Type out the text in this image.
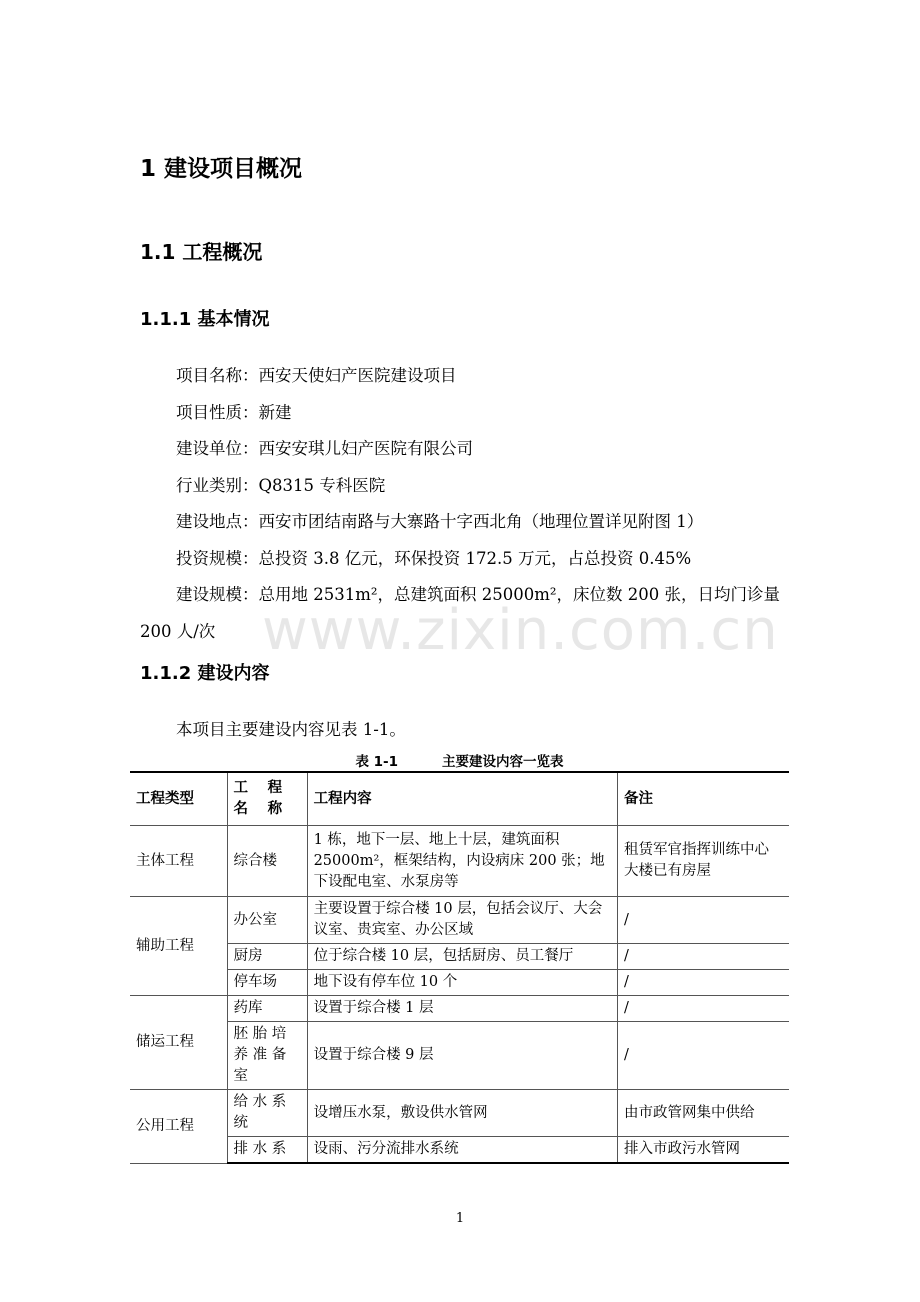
1 建设项目概况
1.1 工程概况
1.1.1 基本情况

项目名称：西安天使妇产医院建设项目

项目性质：新建

建设单位：西安安琪儿妇产医院有限公司

行业类别：Q8315 专科医院

建设地点：西安市团结南路与大寨路十字西北角（地理位置详见附图 1）

投资规模：总投资 3.8 亿元，环保投资 172.5 万元，占总投资 0.45%

建设规模：总用地 2531m²，总建筑面积 25000m²，床位数 200 张，日均门诊量 200 人/次 www.zixin.com.cn
1.1.2 建设内容
本项目主要建设内容见表 1-1。
表 1-1	主要建设内容一览表
工程类型	工 程 名 称	工程内容	备注
主体工程	综合楼	1 栋，地下一层、地上十层，建筑面积 25000m²，框架结构，内设病床 200 张；地下设配电室、水泵房等	租赁军官指挥训练中心大楼已有房屋
辅助工程	办公室	主要设置于综合楼 10 层，包括会议厅、大会议室、贵宾室、办公区域	/
	厨房	位于综合楼 10 层，包括厨房、员工餐厅	/
	停车场	地下设有停车位 10 个	/
储运工程	药库	设置于综合楼 1 层	/
	胚 胎 培 养 准 备 室	设置于综合楼 9 层	/
公用工程	给 水 系 统	设增压水泵，敷设供水管网	由市政管网集中供给
	排 水 系	设雨、污分流排水系统	排入市政污水管网
1
